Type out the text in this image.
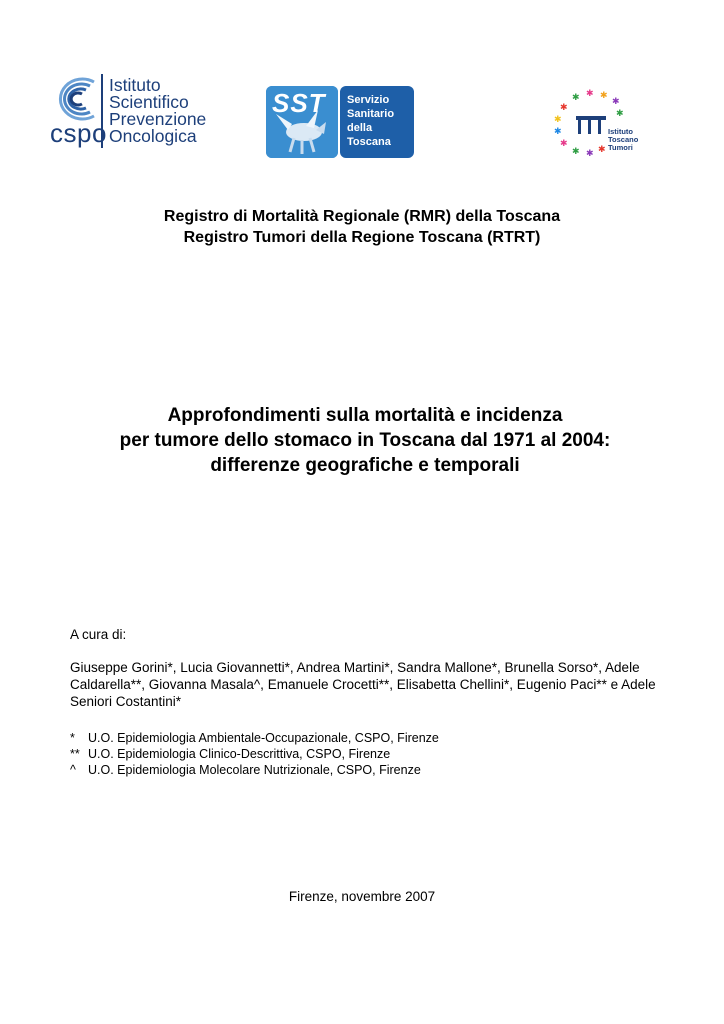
cspo
Istituto
Scientifico
Prevenzione
Oncologica
SST Servizio
Sanitario
della
Toscana
✱ ✱
✱
✱
✱
✱
✱
✱
✱ ✱ ✱
✱
Istituto
Toscano
Tumori
Registro di Mortalità Regionale (RMR) della Toscana
Registro Tumori della Regione Toscana (RTRT)
Approfondimenti sulla mortalità e incidenza
per tumore dello stomaco in Toscana dal 1971 al 2004:
differenze geografiche e temporali
A cura di:
Giuseppe Gorini*, Lucia Giovannetti*, Andrea Martini*, Sandra Mallone*, Brunella Sorso*, Adele Caldarella**, Giovanna Masala^, Emanuele Crocetti**, Elisabetta Chellini*, Eugenio Paci** e Adele Seniori Costantini*
*	U.O. Epidemiologia Ambientale-Occupazionale, CSPO, Firenze
** U.O. Epidemiologia Clinico-Descrittiva, CSPO, Firenze
^ U.O. Epidemiologia Molecolare Nutrizionale, CSPO, Firenze
Firenze, novembre 2007
